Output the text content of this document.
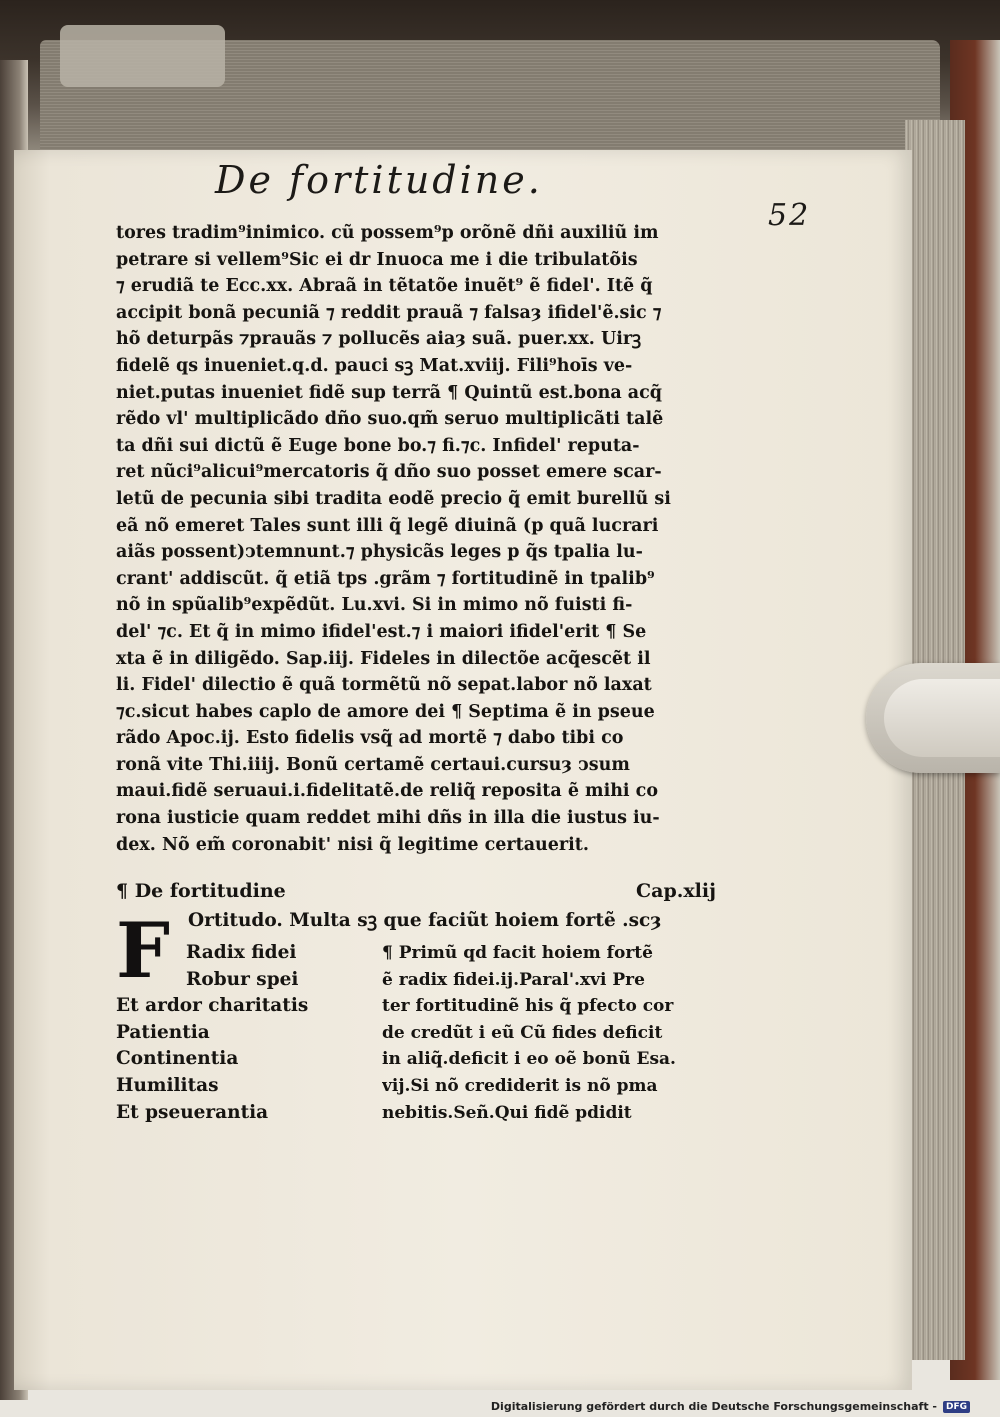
De fortitudine.
52
tores tradim⁹inimico. cũ possem⁹p orõnẽ dñi auxiliũ im
petrare si vellem⁹Sic ei dr Inuoca me i die tribulatõis
⁊ erudiã te Ecc.xx. Abraã in tẽtatõe inuẽt⁹ ẽ fidel'. Itẽ q̃
accipit bonã pecuniã ⁊ reddit prauã ⁊ falsaȝ ifidel'ẽ.sic ⁊
hõ deturpãs ⁊prauãs ⁊ pollucẽs aiaȝ suã. puer.xx. Uirꝫ
fidelẽ qs inueniet.q.d. pauci sꝫ Mat.xviij. Fili⁹hoīs ve-
niet.putas inueniet fidẽ sup terrã ¶ Quintũ est.bona acq̃
rẽdo vl' multiplicãdo dño suo.qm̃ seruo multiplicãti talẽ
ta dñi sui dictũ ẽ Euge bone bo.⁊ fi.⁊c. Infidel' reputa-
ret nũci⁹alicui⁹mercatoris q̃ dño suo posset emere scar-
letũ de pecunia sibi tradita eodẽ precio q̃ emit burellũ si
eã nõ emeret Tales sunt illi q̃ legẽ diuinã (p quã lucrari
aiãs possent)ↄtemnunt.⁊ physicãs leges p q̃s tpalia lu-
crant' addiscũt. q̃ etiã tps .grãm ⁊ fortitudinẽ in tpalib⁹
nõ in spũalib⁹expẽdũt. Lu.xvi. Si in mimo nõ fuisti fi-
del' ⁊c. Et q̃ in mimo ifidel'est.⁊ i maiori ifidel'erit ¶ Se
xta ẽ in diligẽdo. Sap.iij. Fideles in dilectõe acq̃escẽt il
li. Fidel' dilectio ẽ quã tormẽtũ nõ sepat.labor nõ laxat
⁊c.sicut habes caplo de amore dei ¶ Septima ẽ in pseue
rãdo Apoc.ij. Esto fidelis vsq̃ ad mortẽ ⁊ dabo tibi co
ronã vite Thi.iiij. Bonũ certamẽ certaui.cursuȝ ↄsum
maui.fidẽ seruaui.i.fidelitatẽ.de reliq̃ reposita ẽ mihi co
rona iusticie quam reddet mihi dñs in illa die iustus iu-
dex. Nõ em̃ coronabit' nisi q̃ legitime certauerit.
¶ De fortitudine	Cap.xlij
F Ortitudo. Multa sꝫ que faciũt hoiem fortẽ .scȝ
Radix fidei
Robur spei
Et ardor charitatis
Patientia
Continentia
Humilitas
Et pseuerantia
¶ Primũ qd facit hoiem fortẽ
ẽ radix fidei.ij.Paral'.xvi Pre
ter fortitudinẽ his q̃ pfecto cor
de credũt i eũ Cũ fides deficit
in aliq̃.deficit i eo oẽ bonũ Esa.
vij.Si nõ crediderit is nõ pma
nebitis.Señ.Qui fidẽ pdidit
Digitalisierung gefördert durch die Deutsche Forschungsgemeinschaft - DFG
